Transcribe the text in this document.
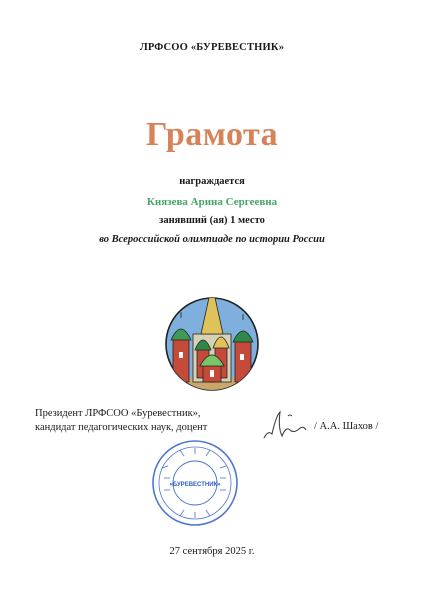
ЛРФСОО «БУРЕВЕСТНИК»
Грамота
награждается
Князева Арина Сергеевна
занявший (ая) 1 место
во Всероссийской олимпиаде по истории России
Президент ЛРФСОО «Буревестник»,
кандидат педагогических наук, доцент	/ А.А. Шахов /
«БУРЕВЕСТНИК»
27 сентября 2025 г.
